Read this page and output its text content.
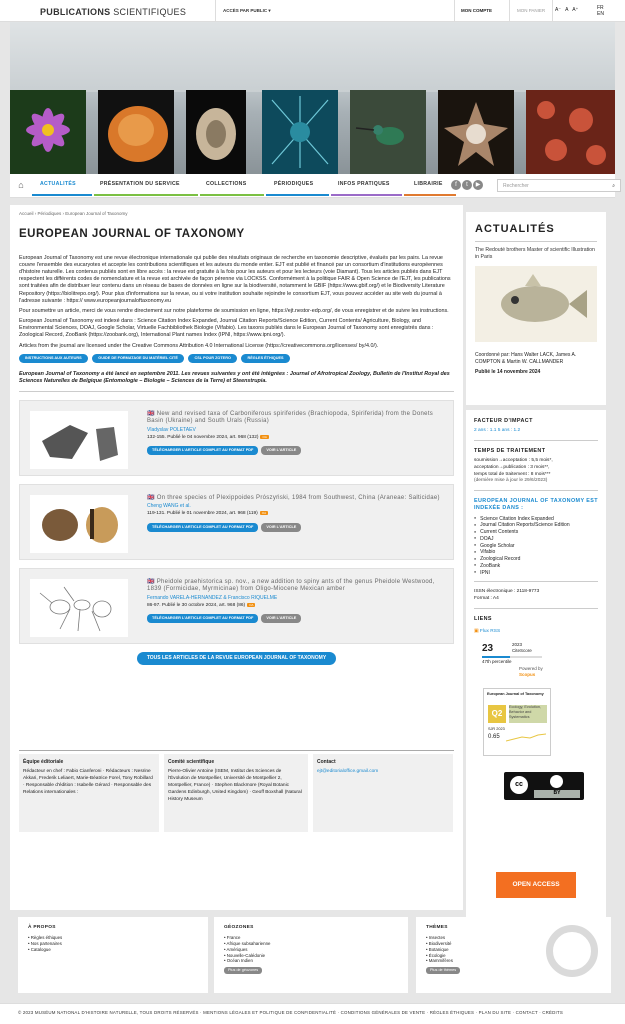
PUBLICATIONS SCIENTIFIQUES	ACCÈS PAR PUBLIC ▾	MON COMPTE	MON PANIER	A⁻ A A⁺	FR
EN
⌂	ACTUALITÉS	PRÉSENTATION DU SERVICE	COLLECTIONS	PÉRIODIQUES	INFOS PRATIQUES	LIBRAIRIE	f	t	▶	Rechercher	⌕
Accueil › Périodiques › European Journal of Taxonomy
EUROPEAN JOURNAL OF TAXONOMY

European Journal of Taxonomy est une revue électronique internationale qui publie des résultats originaux de recherche en taxonomie descriptive, évalués par les pairs. La revue couvre l'ensemble des eucaryotes et accepte les contributions scientifiques et les auteurs du monde entier. EJT est publié et financé par un consortium d'institutions européennes d'histoire naturelle. Les contenus publiés sont en libre accès : la revue est gratuite à la fois pour les auteurs et pour les lecteurs (voie Diamant). Tous les articles publiés dans EJT respectent les différents codes de nomenclature et la revue est archivée de façon pérenne via LOCKSS. Conformément à la politique FAIR & Open Science de l'EJT, les publications sont traitées afin de distribuer leur contenu dans un réseau de bases de données en ligne sur la biodiversité, notamment le GBIF (https://www.gbif.org/) et le Biodiversity Literature Repository (https://biolitrepo.org/). Pour plus d'informations sur la revue, ou si votre institution souhaite rejoindre le consortium EJT, vous pouvez accéder au site web du journal à l'adresse suivante : https:// www.europeanjournaloftaxonomy.eu

Pour soumettre un article, merci de vous rendre directement sur notre plateforme de soumission en ligne, https://ejt.nestor-edp.org/, de vous enregistrer et de suivre les instructions.

European Journal of Taxonomy est indexé dans : Science Citation Index Expanded, Journal Citation Reports/Science Edition, Current Contents/ Agriculture, Biology, and Environmental Sciences, DOAJ, Google Scholar, Virtuelle Fachbibliothek Biologie (Vifabio). Les taxons publiés dans le European Journal of Taxonomy sont enregistrés dans : Zoological Record, ZooBank (https://zoobank.org), International Plant names Index (IPNI, https://www.ipni.org/).

Articles from the journal are licensed under the Creative Commons Attribution 4.0 International License (https://creativecommons.org/licenses/ by/4.0/).

INSTRUCTIONS AUX AUTEURS	GUIDE DE FORMATAGE DU MATÉRIEL CITÉ	CSL POUR ZOTERO	RÈGLES ÉTHIQUES
European Journal of Taxonomy a été lancé en septembre 2011. Les revues suivantes y ont été intégrées : Journal of Afrotropical Zoology, Bulletin de l'Institut Royal des Sciences Naturelles de Belgique (Entomologie – Biologie – Sciences de la Terre) et Steenstrupia.
🇬🇧 New and revised taxa of Carboniferous spiriferides (Brachiopoda, Spiriferida) from the Donets Basin (Ukraine) and South Urals (Russia)
Vladyslav POLETAEV
132-155. Publié le 04 novembre 2024, art. 968 (132) OA
TÉLÉCHARGER L'ARTICLE COMPLET AU FORMAT PDF	VOIR L'ARTICLE
🇬🇧 On three species of Plexippoides Prószyński, 1984 from Southwest, China (Araneae: Salticidae)
Cheng WANG et al.
119-131. Publié le 01 novembre 2024, art. 968 (119) OA
TÉLÉCHARGER L'ARTICLE COMPLET AU FORMAT PDF	VOIR L'ARTICLE
🇬🇧 Pheidole praehistorica sp. nov., a new addition to spiny ants of the genus Pheidole Westwood, 1839 (Formicidae, Myrmicinae) from Oligo-Miocene Mexican amber
Fernando VARELA-HERNANDEZ & Francisco RIQUELME
86-97. Publié le 30 octobre 2024, art. 968 (86) OA
TÉLÉCHARGER L'ARTICLE COMPLET AU FORMAT PDF	VOIR L'ARTICLE
TOUS LES ARTICLES DE LA REVUE EUROPEAN JOURNAL OF TAXONOMY
Équipe éditoriale
Rédacteur en chef : Fabio Cianferoni · Rédacteurs : Nesrine Akkari, Frederik Leliaert, Marie-Béatrice Forel, Tony Robillard · Responsable d'édition : Isabelle Gérard · Responsable des Relations internationales :
Comité scientifique
Pierre-Olivier Antoine (ISEM, Institut des Sciences de l'Évolution de Montpellier, Université de Montpellier 2, Montpellier, France) · Stephen Blackmore (Royal Botanic Gardens Edinburgh, United Kingdom) · Geoff Boxshall (Natural History Museum
Contact
ejt@editorialoffice.gmail.com
ACTUALITÉS
The Redouté brothers Master of scientific Illustration in Paris
Coordonné par: Hans Walter LACK, James A. COMPTON & Martin W. CALLMANDER
Publié le 14 novembre 2024
FACTEUR D'IMPACT
2 ans : 1.1 5 ans : 1.2
TEMPS DE TRAITEMENT
soumission→acceptation : 5,5 mois*,
acceptation→publication : 3 mois**,
temps total de traitement : 8 mois***
(dernière mise à jour le 29/6/2023)
EUROPEAN JOURNAL OF TAXONOMY EST INDEXÉE DANS :
■ Science Citation Index Expanded
■ Journal Citation Reports/Science Edition
■ Current Contents
■ DOAJ
■ Google Scholar
■ Vifabio
■ Zoological Record
■ ZooBank
■ IPNI
ISSN électronique : 2118-9773
Format : A4
LIENS
▣ Flux RSS
23	2023
CiteScore
47th percentile
Powered by
Scopus
European Journal of Taxonomy
Q2
Ecology, Evolution, Behavior and Systematics
SJR 2023
0.65
cc
BY
OPEN ACCESS
À PROPOS
• Règles éthiques
• Nos partenaires
• Catalogue
GÉOZONES
• France
• Afrique subsaharienne
• Amériques
• Nouvelle-Calédonie
• Océan Indien
Plus de géozones
THÈMES
• Insectes
• Biodiversité
• Botanique
• Écologie
• Mammifères
Plus de thèmes
© 2023 MUSÉUM NATIONAL D'HISTOIRE NATURELLE, TOUS DROITS RÉSERVÉS · MENTIONS LÉGALES ET POLITIQUE DE CONFIDENTIALITÉ · CONDITIONS GÉNÉRALES DE VENTE · RÈGLES ÉTHIQUES · PLAN DU SITE · CONTACT · CRÉDITS
